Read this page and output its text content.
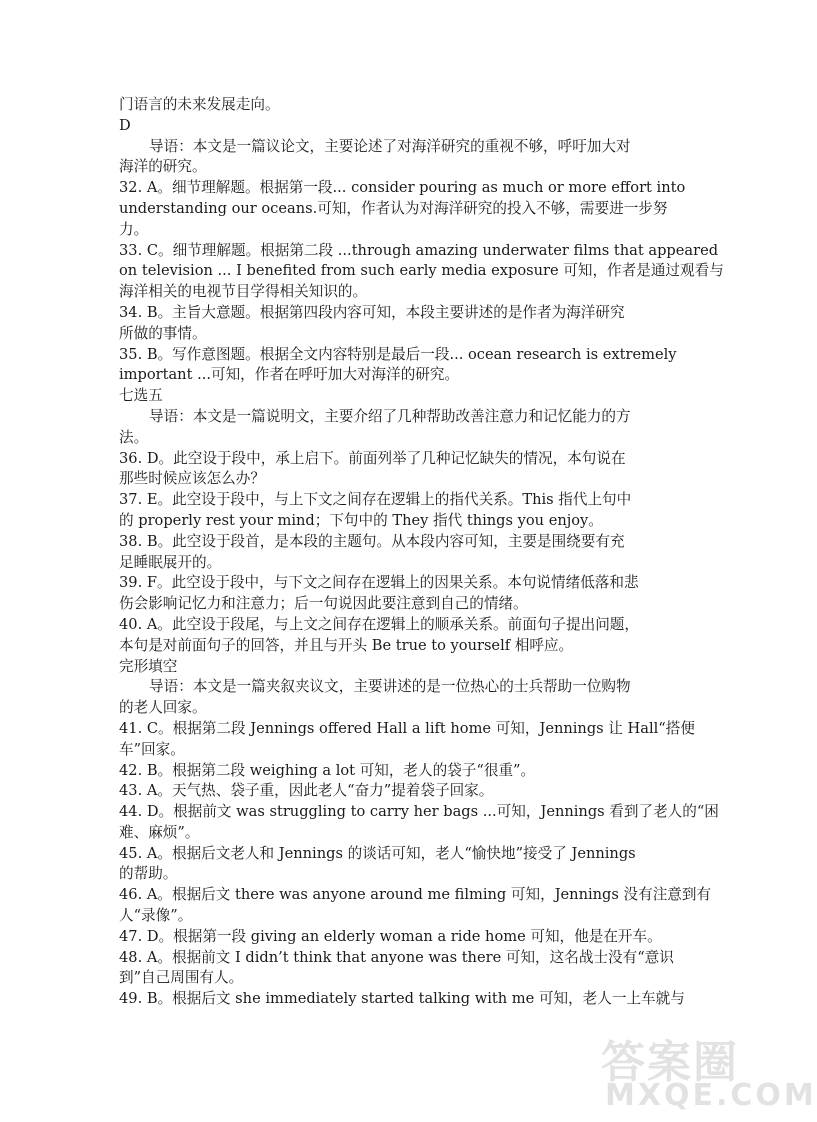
门语言的未来发展走向。
D
导语：本文是一篇议论文，主要论述了对海洋研究的重视不够，呼吁加大对
海洋的研究。
32. A。细节理解题。根据第一段... consider pouring as much or more effort into
understanding our oceans.可知，作者认为对海洋研究的投入不够，需要进一步努
力。
33. C。细节理解题。根据第二段 ...through amazing underwater films that appeared
on television ... I benefited from such early media exposure 可知，作者是通过观看与
海洋相关的电视节目学得相关知识的。
34. B。主旨大意题。根据第四段内容可知，本段主要讲述的是作者为海洋研究
所做的事情。
35. B。写作意图题。根据全文内容特别是最后一段... ocean research is extremely
important ...可知，作者在呼吁加大对海洋的研究。
七选五
导语：本文是一篇说明文，主要介绍了几种帮助改善注意力和记忆能力的方
法。
36. D。此空设于段中，承上启下。前面列举了几种记忆缺失的情况，本句说在
那些时候应该怎么办？
37. E。此空设于段中，与上下文之间存在逻辑上的指代关系。This 指代上句中
的 properly rest your mind；下句中的 They 指代 things you enjoy。
38. B。此空设于段首，是本段的主题句。从本段内容可知，主要是围绕要有充
足睡眠展开的。
39. F。此空设于段中，与下文之间存在逻辑上的因果关系。本句说情绪低落和悲
伤会影响记忆力和注意力；后一句说因此要注意到自己的情绪。
40. A。此空设于段尾，与上文之间存在逻辑上的顺承关系。前面句子提出问题，
本句是对前面句子的回答，并且与开头 Be true to yourself 相呼应。
完形填空
导语：本文是一篇夹叙夹议文，主要讲述的是一位热心的士兵帮助一位购物
的老人回家。
41. C。根据第二段 Jennings offered Hall a lift home 可知，Jennings 让 Hall“搭便
车”回家。
42. B。根据第二段 weighing a lot 可知，老人的袋子“很重”。
43. A。天气热、袋子重，因此老人“奋力”提着袋子回家。
44. D。根据前文 was struggling to carry her bags ...可知，Jennings 看到了老人的“困
难、麻烦”。
45. A。根据后文老人和 Jennings 的谈话可知，老人“愉快地”接受了 Jennings
的帮助。
46. A。根据后文 there was anyone around me filming 可知，Jennings 没有注意到有
人“录像”。
47. D。根据第一段 giving an elderly woman a ride home 可知，他是在开车。
48. A。根据前文 I didn’t think that anyone was there 可知，这名战士没有“意识
到”自己周围有人。
49. B。根据后文 she immediately started talking with me 可知，老人一上车就与
答案圈
MXQE.COM
